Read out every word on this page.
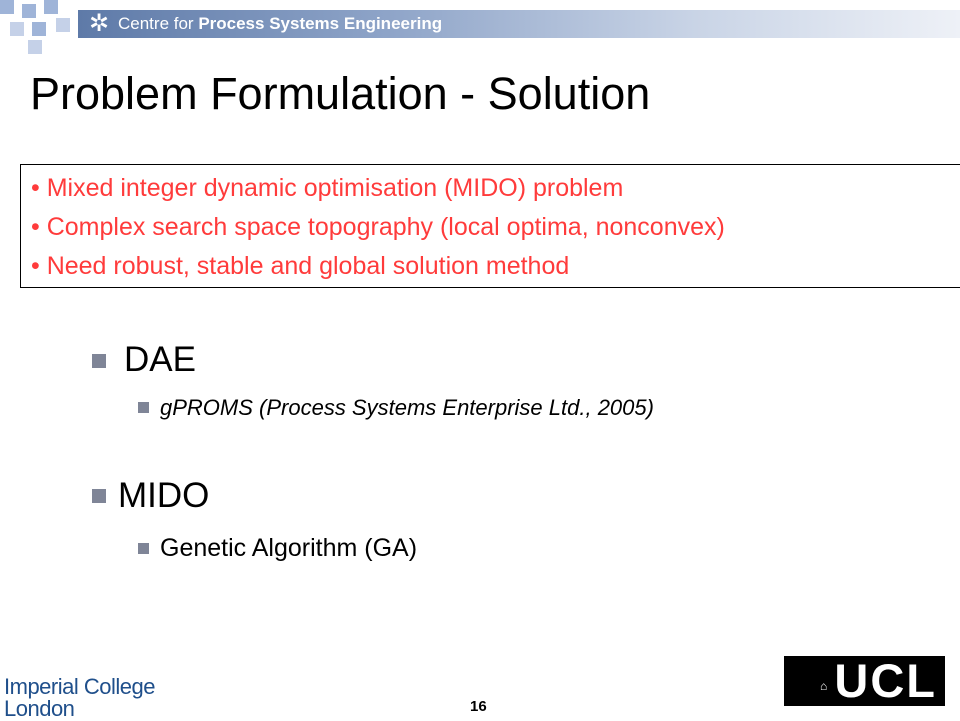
✲ Centre for Process Systems Engineering
Problem Formulation - Solution
• Mixed integer dynamic optimisation (MIDO) problem
• Complex search space topography (local optima, nonconvex)
• Need robust, stable and global solution method
DAE
gPROMS (Process Systems Enterprise Ltd., 2005)
MIDO
Genetic Algorithm (GA)
Imperial College
London	16
⌂ UCL
